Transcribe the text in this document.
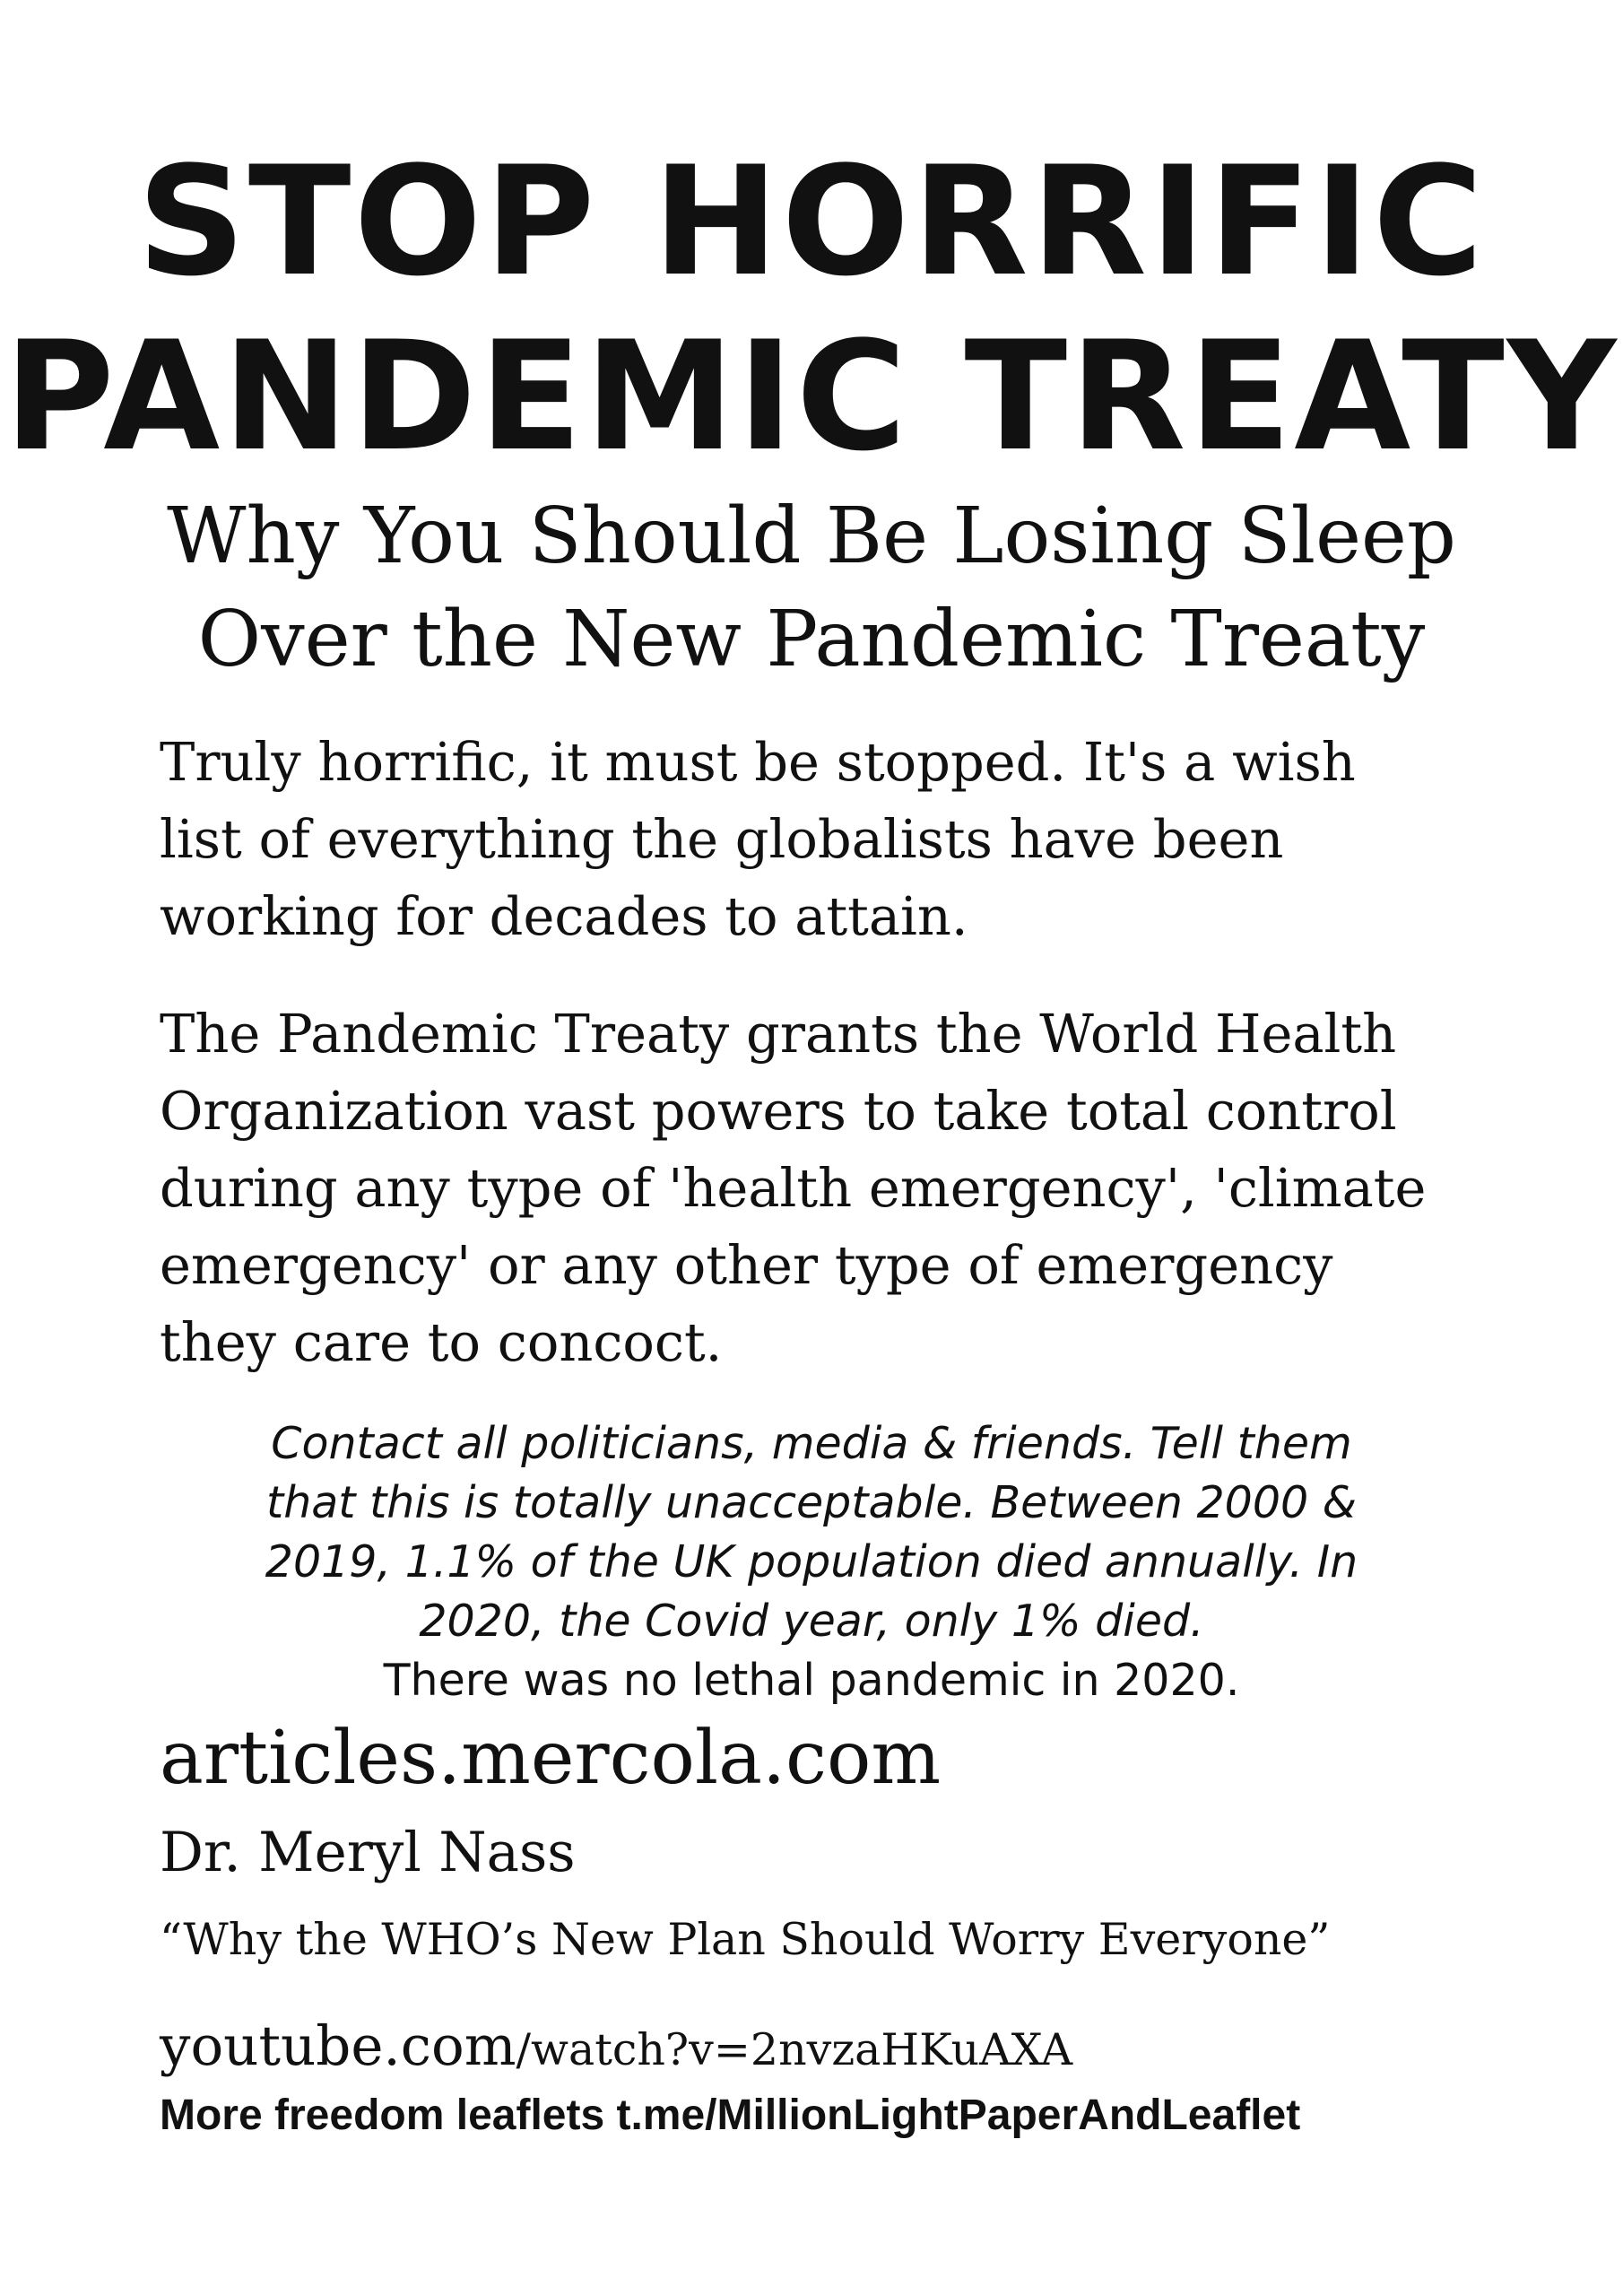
STOP HORRIFIC
PANDEMIC TREATY
Why You Should Be Losing Sleep
Over the New Pandemic Treaty
Truly horrific, it must be stopped. It's a wish
list of everything the globalists have been
working for decades to attain.
The Pandemic Treaty grants the World Health
Organization vast powers to take total control
during any type of 'health emergency', 'climate
emergency' or any other type of emergency
they care to concoct.
Contact all politicians, media & friends. Tell them
that this is totally unacceptable. Between 2000 &
2019, 1.1% of the UK population died annually. In
2020, the Covid year, only 1% died.
There was no lethal pandemic in 2020.
articles.mercola.com
Dr. Meryl Nass
“Why the WHO’s New Plan Should Worry Everyone”
youtube.com/watch?v=2nvzaHKuAXA
More freedom leaflets t.me/MillionLightPaperAndLeaflet
